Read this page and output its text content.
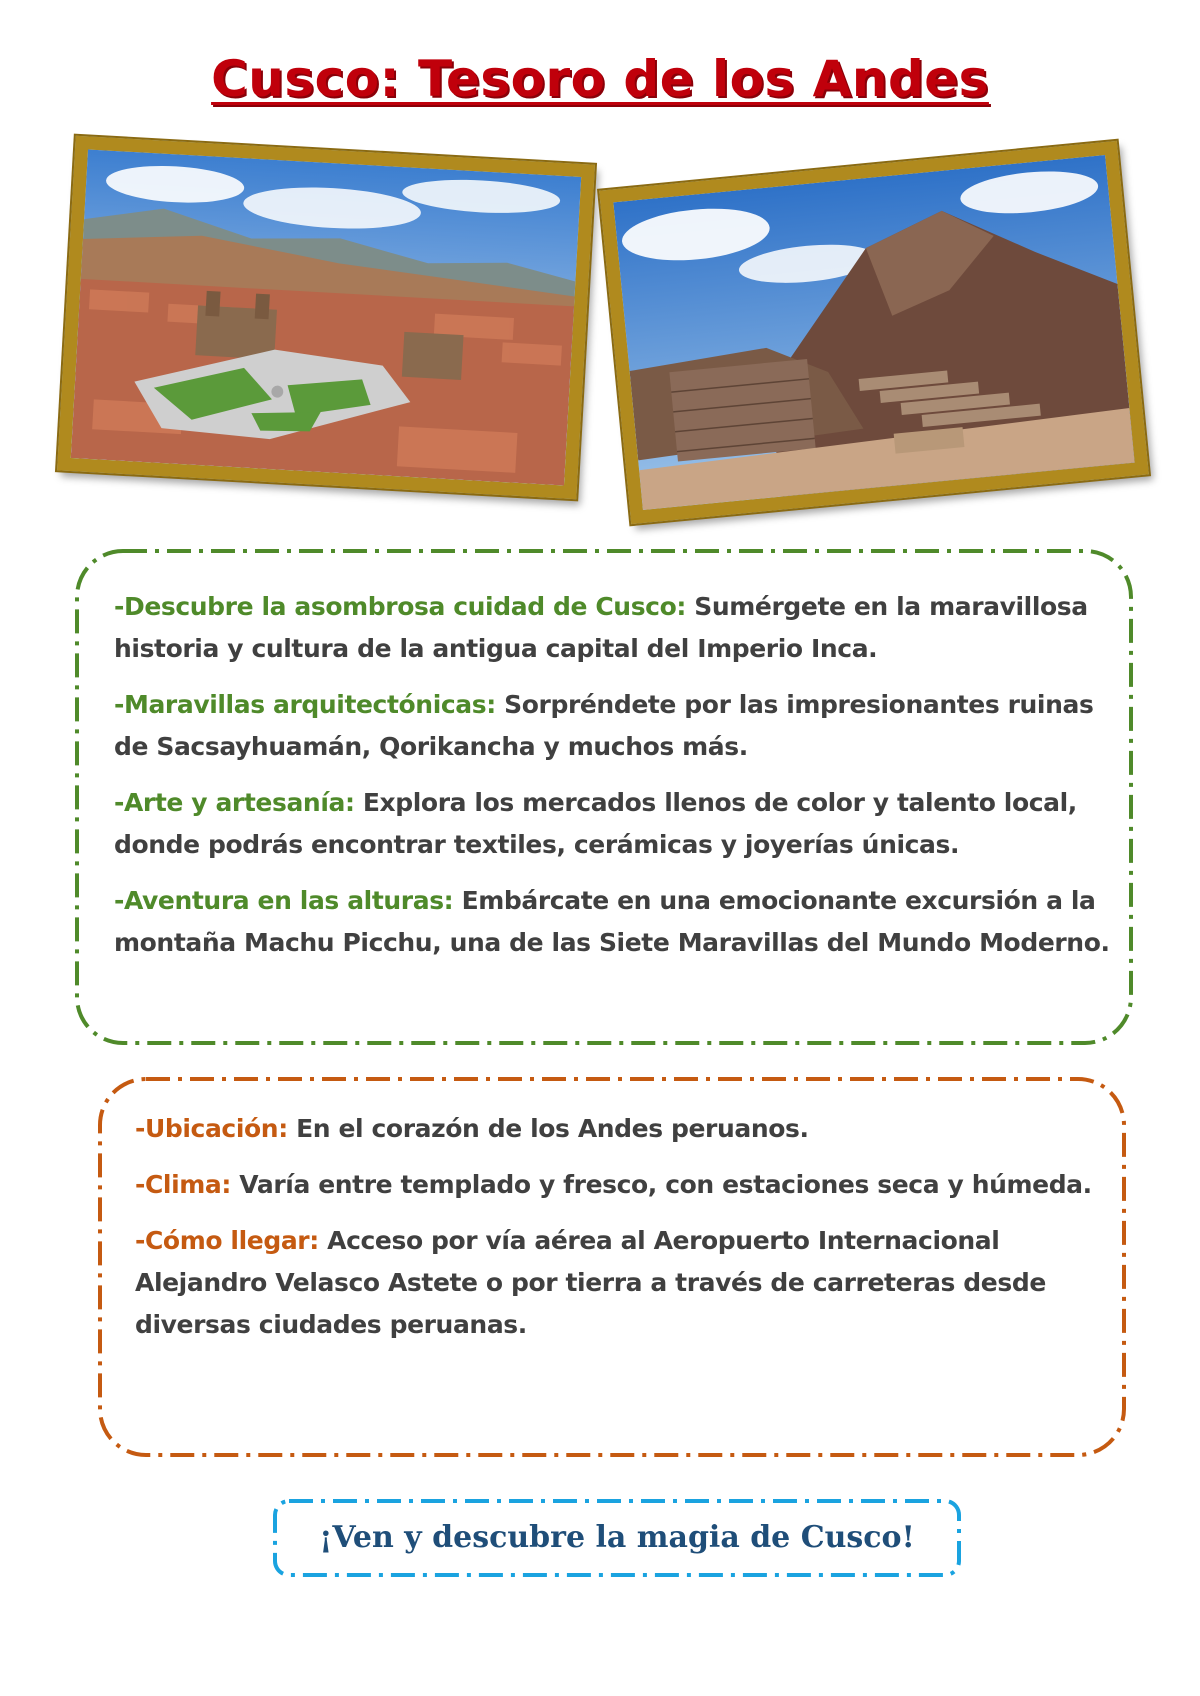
Cusco: Tesoro de los Andes

-Descubre la asombrosa cuidad de Cusco: Sumérgete en la maravillosa historia y cultura de la antigua capital del Imperio Inca.

-Maravillas arquitectónicas: Sorpréndete por las impresionantes ruinas de Sacsayhuamán, Qorikancha y muchos más.

-Arte y artesanía: Explora los mercados llenos de color y talento local, donde podrás encontrar textiles, cerámicas y joyerías únicas.

-Aventura en las alturas: Embárcate en una emocionante excursión a la montaña Machu Picchu, una de las Siete Maravillas del Mundo Moderno.

-Ubicación: En el corazón de los Andes peruanos.

-Clima: Varía entre templado y fresco, con estaciones seca y húmeda.

-Cómo llegar: Acceso por vía aérea al Aeropuerto Internacional Alejandro Velasco Astete o por tierra a través de carreteras desde diversas ciudades peruanas.

¡Ven y descubre la magia de Cusco!
